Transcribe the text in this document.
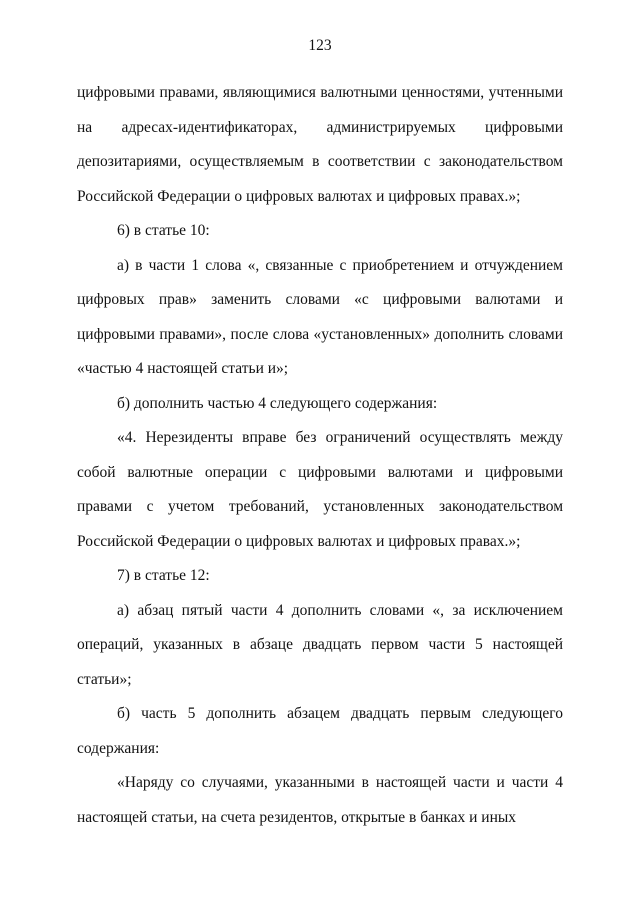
123

цифровыми правами, являющимися валютными ценностями, учтенными на адресах-идентификаторах, администрируемых цифровыми депозитариями, осуществляемым в соответствии с законодательством Российской Федерации о цифровых валютах и цифровых правах.»;

6) в статье 10:

а) в части 1 слова «, связанные с приобретением и отчуждением цифровых прав» заменить словами «с цифровыми валютами и цифровыми правами», после слова «установленных» дополнить словами «частью 4 настоящей статьи и»;

б) дополнить частью 4 следующего содержания:

«4. Нерезиденты вправе без ограничений осуществлять между собой валютные операции с цифровыми валютами и цифровыми правами с учетом требований, установленных законодательством Российской Федерации о цифровых валютах и цифровых правах.»;

7) в статье 12:

а) абзац пятый части 4 дополнить словами «, за исключением операций, указанных в абзаце двадцать первом части 5 настоящей статьи»;

б) часть 5 дополнить абзацем двадцать первым следующего содержания:

«Наряду со случаями, указанными в настоящей части и части 4 настоящей статьи, на счета резидентов, открытые в банках и иных
